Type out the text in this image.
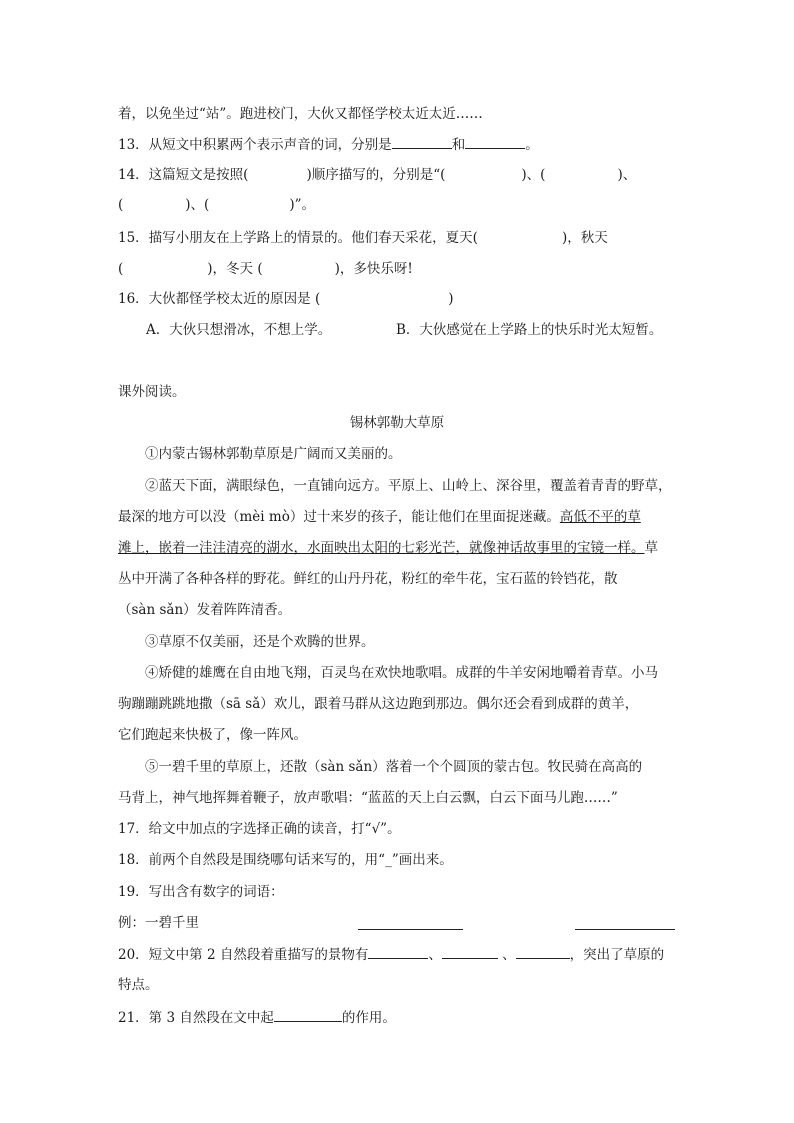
着，以免坐过“站”。跑进校门，大伙又都怪学校太近太近……
13．从短文中积累两个表示声音的词，分别是	和	。
14．这篇短文是按照(	)顺序描写的，分别是“(	)、(	)、
(	)、(	)”。
15．描写小朋友在上学路上的情景的。他们春天采花，夏天(	)，秋天
(	)，冬天 (	)，多快乐呀!
16．大伙都怪学校太近的原因是 (	)
A．大伙只想滑冰，不想上学。	B．大伙感觉在上学路上的快乐时光太短暂。
课外阅读。
锡林郭勒大草原
①内蒙古锡林郭勒草原是广阔而又美丽的。
②蓝天下面，满眼绿色，一直铺向远方。平原上、山岭上、深谷里，覆盖着青青的野草，
最深的地方可以没（mèi mò）过十来岁的孩子，能让他们在里面捉迷藏。高低不平的草
滩上，嵌着一洼洼清亮的湖水，水面映出太阳的七彩光芒，就像神话故事里的宝镜一样。草
丛中开满了各种各样的野花。鲜红的山丹丹花，粉红的牵牛花，宝石蓝的铃铛花，散
（sàn sǎn）发着阵阵清香。
③草原不仅美丽，还是个欢腾的世界。
④矫健的雄鹰在自由地飞翔，百灵鸟在欢快地歌唱。成群的牛羊安闲地嚼着青草。小马
驹蹦蹦跳跳地撒（sā sǎ）欢儿，跟着马群从这边跑到那边。偶尔还会看到成群的黄羊，
它们跑起来快极了，像一阵风。
⑤一碧千里的草原上，还散（sàn sǎn）落着一个个圆顶的蒙古包。牧民骑在高高的
马背上，神气地挥舞着鞭子，放声歌唱：“蓝蓝的天上白云飘，白云下面马儿跑……”
17．给文中加点的字选择正确的读音，打“√”。
18．前两个自然段是围绕哪句话来写的，用“_”画出来。
19．写出含有数字的词语：
例：一碧千里
20．短文中第 2 自然段着重描写的景物有	、	、	，突出了草原的
特点。
21．第 3 自然段在文中起	的作用。
